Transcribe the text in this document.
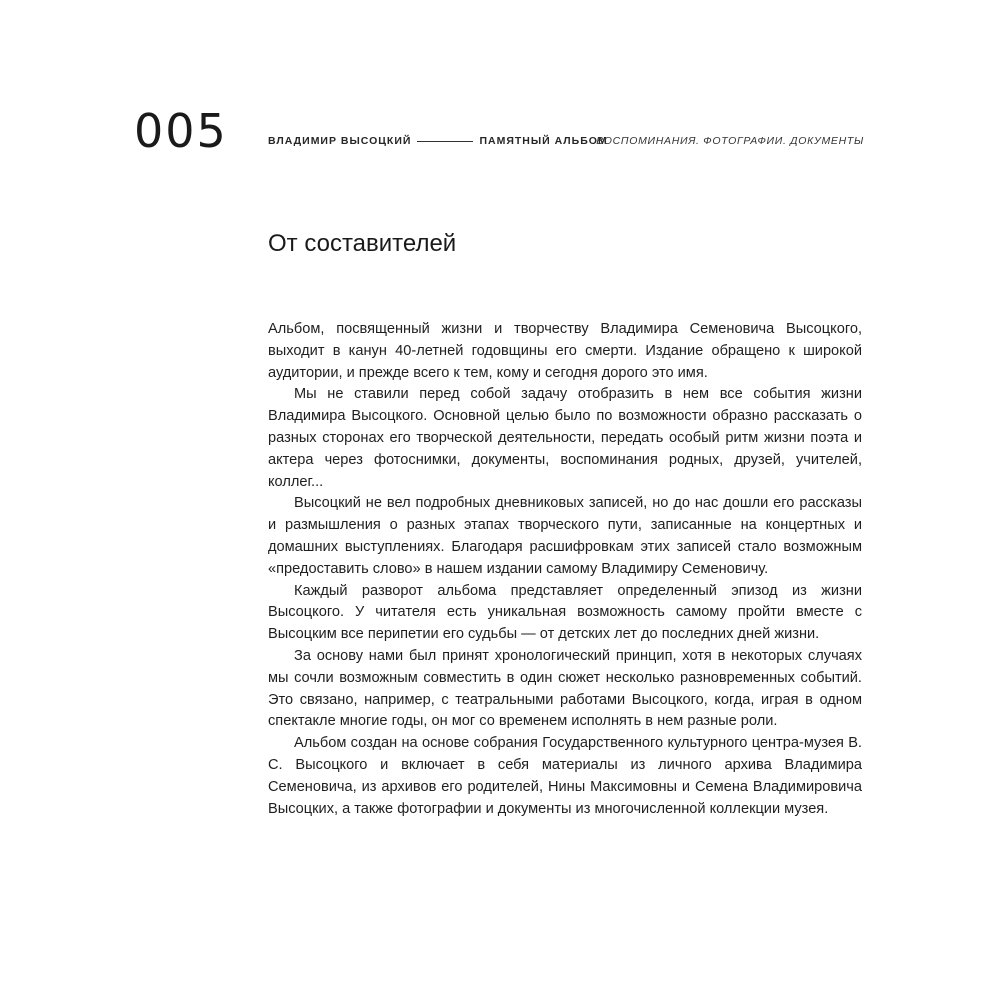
005	ВЛАДИМИР ВЫСОЦКИЙ	ПАМЯТНЫЙ АЛЬБОМ
ВОСПОМИНАНИЯ. ФОТОГРАФИИ. ДОКУМЕНТЫ
От составителей

Альбом, посвященный жизни и творчеству Владимира Семеновича Высоцкого, выходит в канун 40-летней годовщины его смерти. Издание обращено к широкой аудитории, и прежде всего к тем, кому и сегодня дорого это имя.

Мы не ставили перед собой задачу отобразить в нем все события жизни Владимира Высоцкого. Основной целью было по возможности образно рассказать о разных сторонах его творческой деятельности, передать особый ритм жизни поэта и актера через фотоснимки, документы, воспоминания родных, друзей, учителей, коллег...

Высоцкий не вел подробных дневниковых записей, но до нас дошли его рассказы и размышления о разных этапах творческого пути, записанные на концертных и домашних выступлениях. Благодаря расшифровкам этих записей стало возможным «предоставить слово» в нашем издании самому Владимиру Семеновичу.

Каждый разворот альбома представляет определенный эпизод из жизни Высоцкого. У читателя есть уникальная возможность самому пройти вместе с Высоцким все перипетии его судьбы — от детских лет до последних дней жизни.

За основу нами был принят хронологический принцип, хотя в некоторых случаях мы сочли возможным совместить в один сюжет несколько разновременных событий. Это связано, например, с театральными работами Высоцкого, когда, играя в одном спектакле многие годы, он мог со временем исполнять в нем разные роли.

Альбом создан на основе собрания Государственного культурного центра-музея В. С. Высоцкого и включает в себя материалы из личного архива Владимира Семеновича, из архивов его родителей, Нины Максимовны и Семена Владимировича Высоцких, а также фотографии и документы из многочисленной коллекции музея.
